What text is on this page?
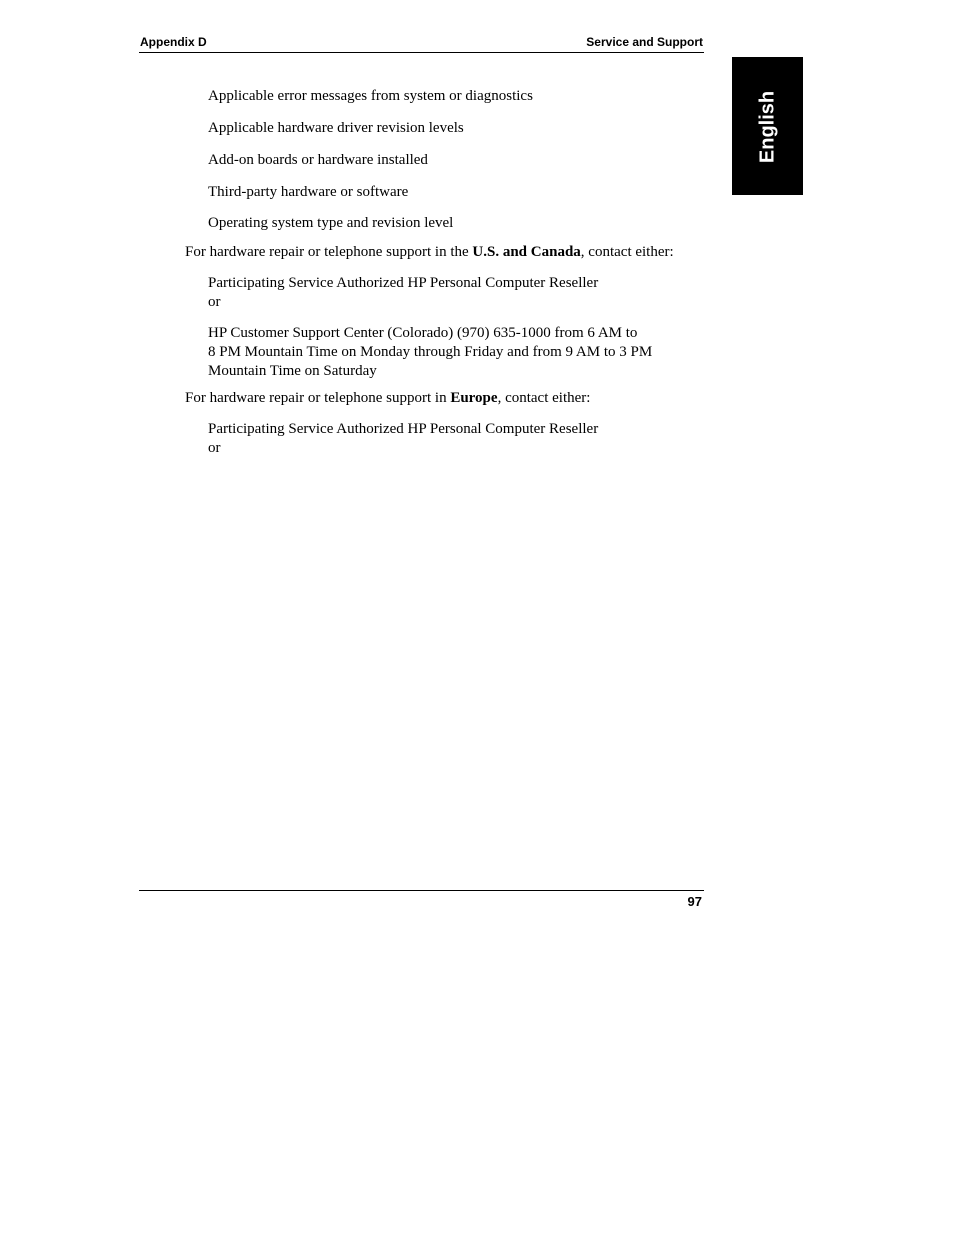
Appendix D	Service and Support
English
Applicable error messages from system or diagnostics
Applicable hardware driver revision levels
Add-on boards or hardware installed
Third-party hardware or software
Operating system type and revision level
For hardware repair or telephone support in the U.S. and Canada, contact either:
Participating Service Authorized HP Personal Computer Reseller
or
HP Customer Support Center (Colorado) (970) 635-1000 from 6 AM to
8 PM Mountain Time on Monday through Friday and from 9 AM to 3 PM
Mountain Time on Saturday
For hardware repair or telephone support in Europe, contact either:
Participating Service Authorized HP Personal Computer Reseller
or
97
